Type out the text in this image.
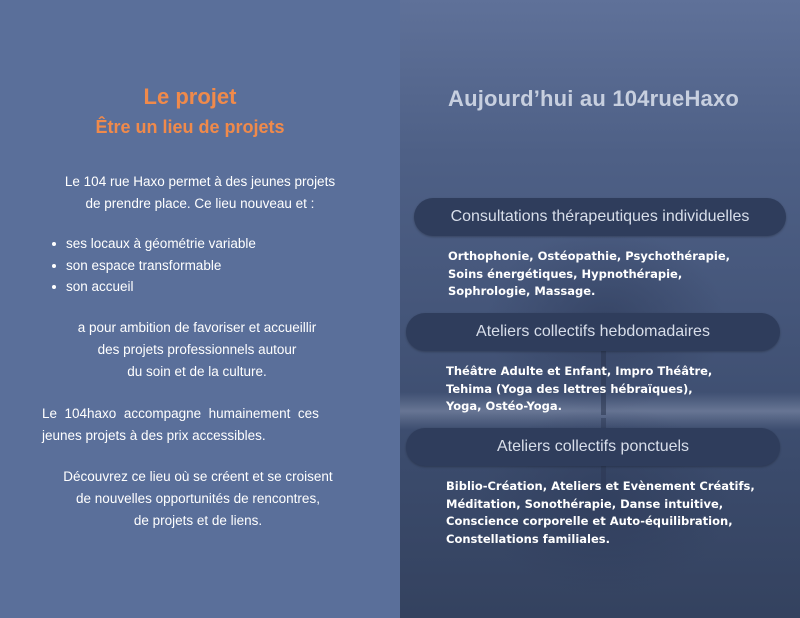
Le projet
Être un lieu de projets
Le 104 rue Haxo permet à des jeunes projets
de prendre place. Ce lieu nouveau et :
ses locaux à géométrie variable
son espace transformable
son accueil
a pour ambition de favoriser et accueillir
des projets professionnels autour
du soin et de la culture.
Le  104haxo  accompagne  humainement  ces
jeunes projets à des prix accessibles.
Découvrez ce lieu où se créent et se croisent
de nouvelles opportunités de rencontres,
de projets et de liens.
Aujourd’hui au 104rueHaxo
Consultations thérapeutiques individuelles
Orthophonie, Ostéopathie, Psychothérapie,
Soins énergétiques, Hypnothérapie,
Sophrologie, Massage.
Ateliers collectifs hebdomadaires
Théâtre Adulte et Enfant, Impro Théâtre,
Tehima (Yoga des lettres hébraïques),
Yoga, Ostéo-Yoga.
Ateliers collectifs ponctuels
Biblio-Création, Ateliers et Evènement Créatifs,
Méditation, Sonothérapie, Danse intuitive,
Conscience corporelle et Auto-équilibration,
Constellations familiales.
